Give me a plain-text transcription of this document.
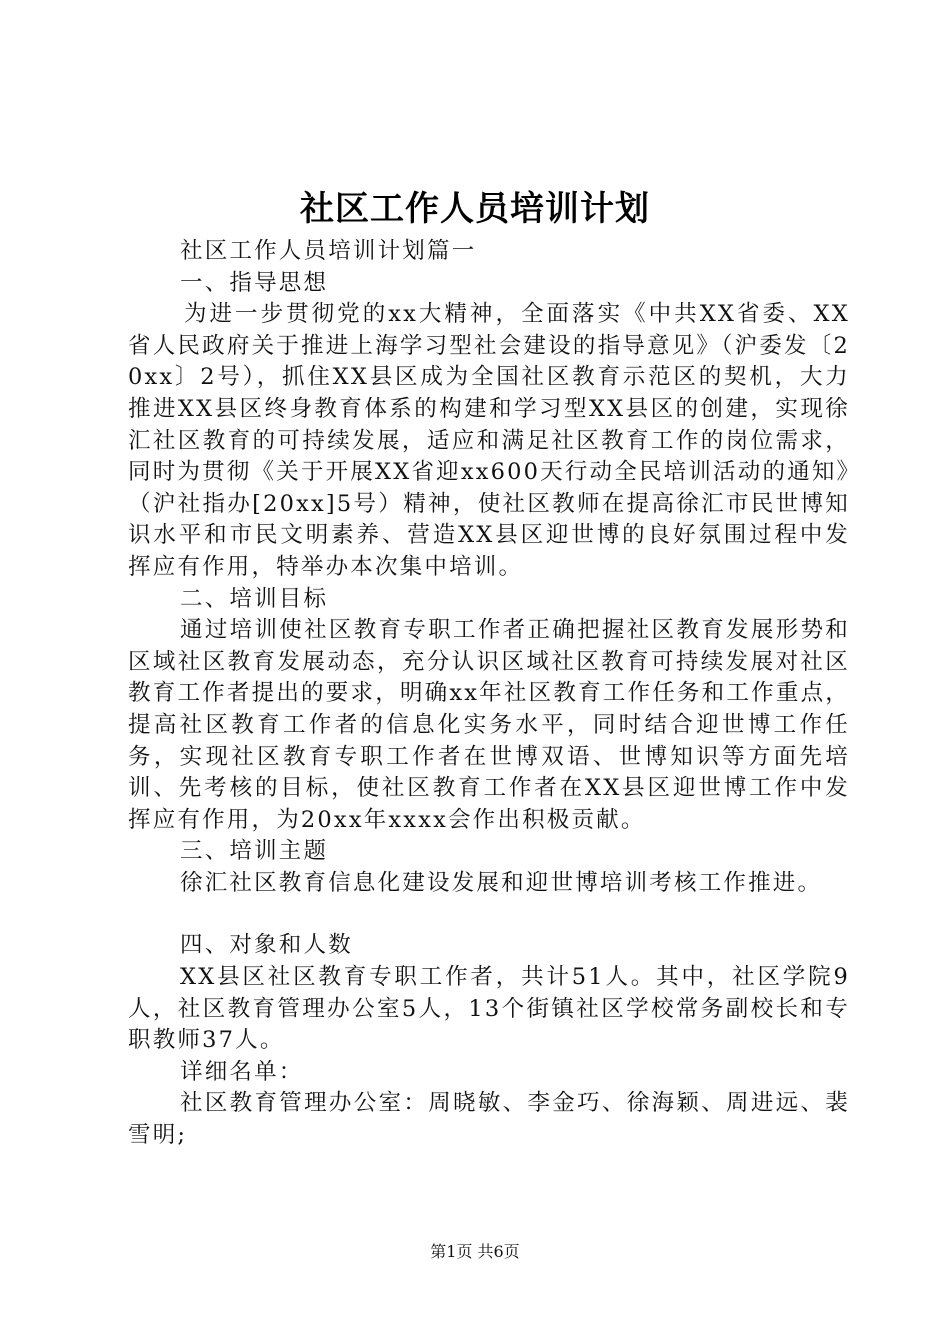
社区工作人员培训计划

社区工作人员培训计划篇一

一、指导思想

为进一步贯彻党的xx大精神，全面落实《中共XX省委、XX省人民政府关于推进上海学习型社会建设的指导意见》（沪委发〔20xx〕2号），抓住XX县区成为全国社区教育示范区的契机，大力推进XX县区终身教育体系的构建和学习型XX县区的创建，实现徐汇社区教育的可持续发展，适应和满足社区教育工作的岗位需求，同时为贯彻《关于开展XX省迎xx600天行动全民培训活动的通知》（沪社指办[20xx]5号）精神，使社区教师在提高徐汇市民世博知识水平和市民文明素养、营造XX县区迎世博的良好氛围过程中发挥应有作用，特举办本次集中培训。

二、培训目标

通过培训使社区教育专职工作者正确把握社区教育发展形势和区域社区教育发展动态，充分认识区域社区教育可持续发展对社区教育工作者提出的要求，明确xx年社区教育工作任务和工作重点，提高社区教育工作者的信息化实务水平，同时结合迎世博工作任务，实现社区教育专职工作者在世博双语、世博知识等方面先培训、先考核的目标，使社区教育工作者在XX县区迎世博工作中发挥应有作用，为20xx年xxxx会作出积极贡献。

三、培训主题

徐汇社区教育信息化建设发展和迎世博培训考核工作推进。

四、对象和人数

XX县区社区教育专职工作者，共计51人。其中，社区学院9人，社区教育管理办公室5人，13个街镇社区学校常务副校长和专职教师37人。

详细名单：

社区教育管理办公室：周晓敏、李金巧、徐海颖、周进远、裴雪明;

第1页 共6页
